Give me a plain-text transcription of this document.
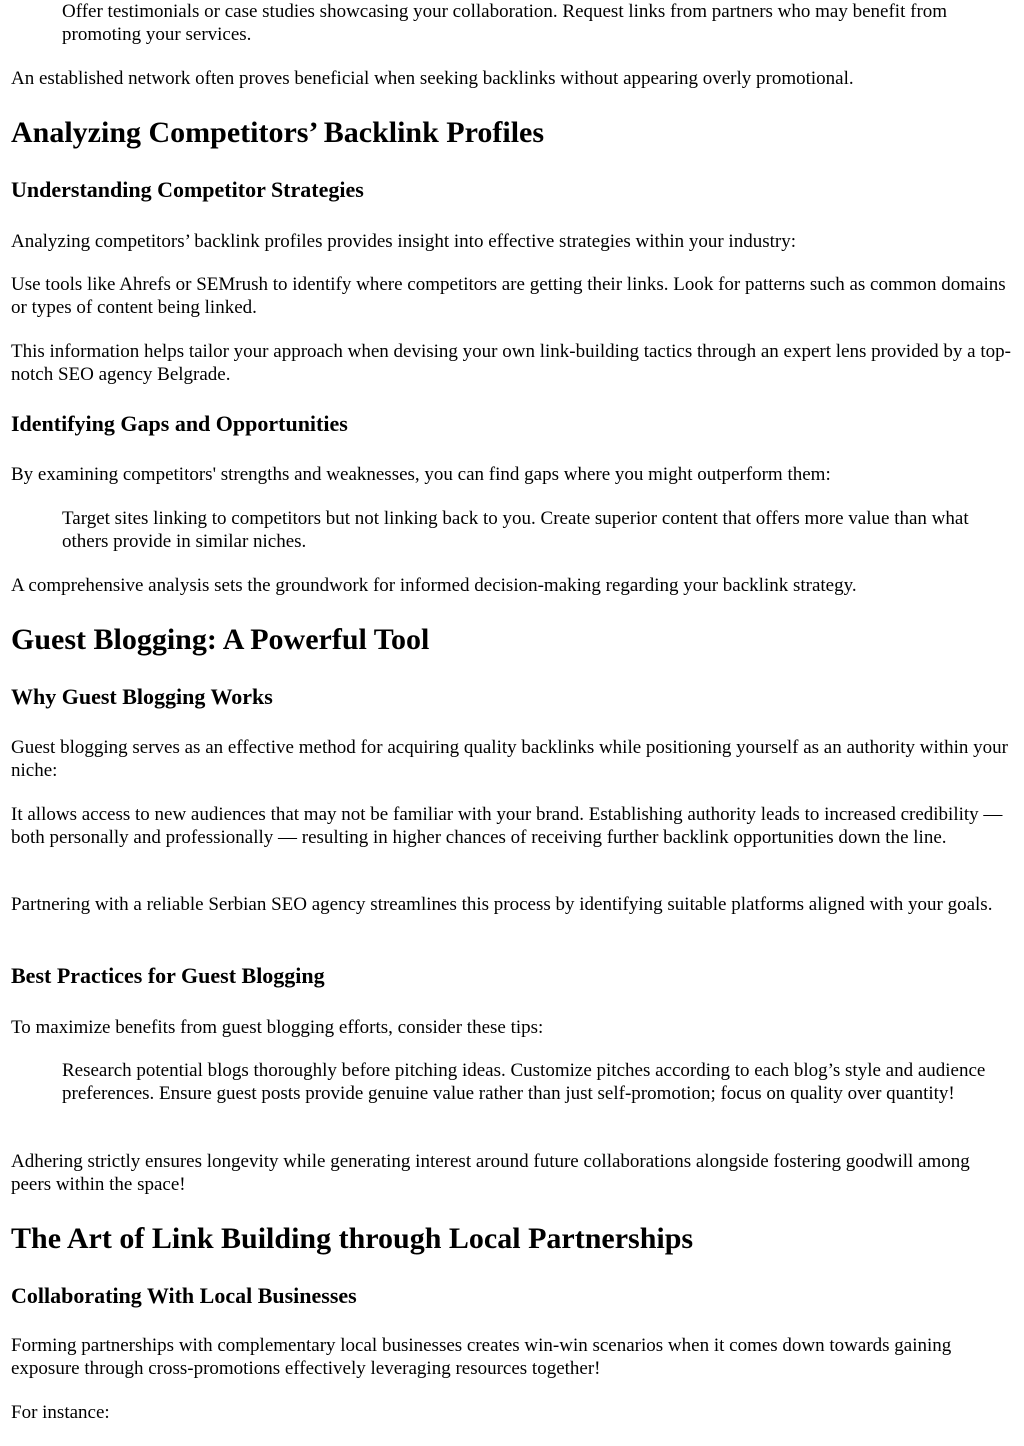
Offer testimonials or case studies showcasing your collaboration. Request links from partners who may benefit from promoting your services.

An established network often proves beneficial when seeking backlinks without appearing overly promotional.

Analyzing Competitors’ Backlink Profiles
Understanding Competitor Strategies

Analyzing competitors’ backlink profiles provides insight into effective strategies within your industry:

Use tools like Ahrefs or SEMrush to identify where competitors are getting their links. Look for patterns such as common domains or types of content being linked.

This information helps tailor your approach when devising your own link-building tactics through an expert lens provided by a top-notch SEO agency Belgrade.

Identifying Gaps and Opportunities

By examining competitors' strengths and weaknesses, you can find gaps where you might outperform them:

Target sites linking to competitors but not linking back to you. Create superior content that offers more value than what others provide in similar niches.

A comprehensive analysis sets the groundwork for informed decision-making regarding your backlink strategy.

Guest Blogging: A Powerful Tool
Why Guest Blogging Works

Guest blogging serves as an effective method for acquiring quality backlinks while positioning yourself as an authority within your niche:

It allows access to new audiences that may not be familiar with your brand. Establishing authority leads to increased credibility — both personally and professionally — resulting in higher chances of receiving further backlink opportunities down the line.

Partnering with a reliable Serbian SEO agency streamlines this process by identifying suitable platforms aligned with your goals.

Best Practices for Guest Blogging

To maximize benefits from guest blogging efforts, consider these tips:

Research potential blogs thoroughly before pitching ideas. Customize pitches according to each blog’s style and audience preferences. Ensure guest posts provide genuine value rather than just self-promotion; focus on quality over quantity!

Adhering strictly ensures longevity while generating interest around future collaborations alongside fostering goodwill among peers within the space!

The Art of Link Building through Local Partnerships
Collaborating With Local Businesses

Forming partnerships with complementary local businesses creates win-win scenarios when it comes down towards gaining exposure through cross-promotions effectively leveraging resources together!

For instance:
